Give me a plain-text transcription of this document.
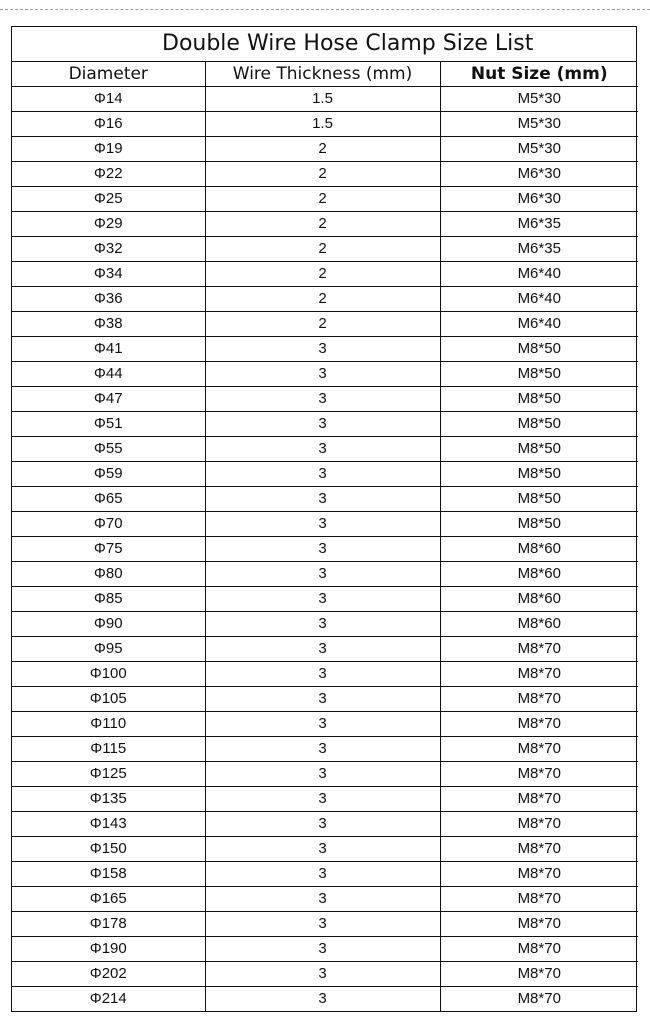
Double Wire Hose Clamp Size List
Diameter	Wire Thickness (mm)	Nut Size (mm)
Φ14	1.5	M5*30
Φ16	1.5	M5*30
Φ19	2	M5*30
Φ22	2	M6*30
Φ25	2	M6*30
Φ29	2	M6*35
Φ32	2	M6*35
Φ34	2	M6*40
Φ36	2	M6*40
Φ38	2	M6*40
Φ41	3	M8*50
Φ44	3	M8*50
Φ47	3	M8*50
Φ51	3	M8*50
Φ55	3	M8*50
Φ59	3	M8*50
Φ65	3	M8*50
Φ70	3	M8*50
Φ75	3	M8*60
Φ80	3	M8*60
Φ85	3	M8*60
Φ90	3	M8*60
Φ95	3	M8*70
Φ100	3	M8*70
Φ105	3	M8*70
Φ110	3	M8*70
Φ115	3	M8*70
Φ125	3	M8*70
Φ135	3	M8*70
Φ143	3	M8*70
Φ150	3	M8*70
Φ158	3	M8*70
Φ165	3	M8*70
Φ178	3	M8*70
Φ190	3	M8*70
Φ202	3	M8*70
Φ214	3	M8*70
